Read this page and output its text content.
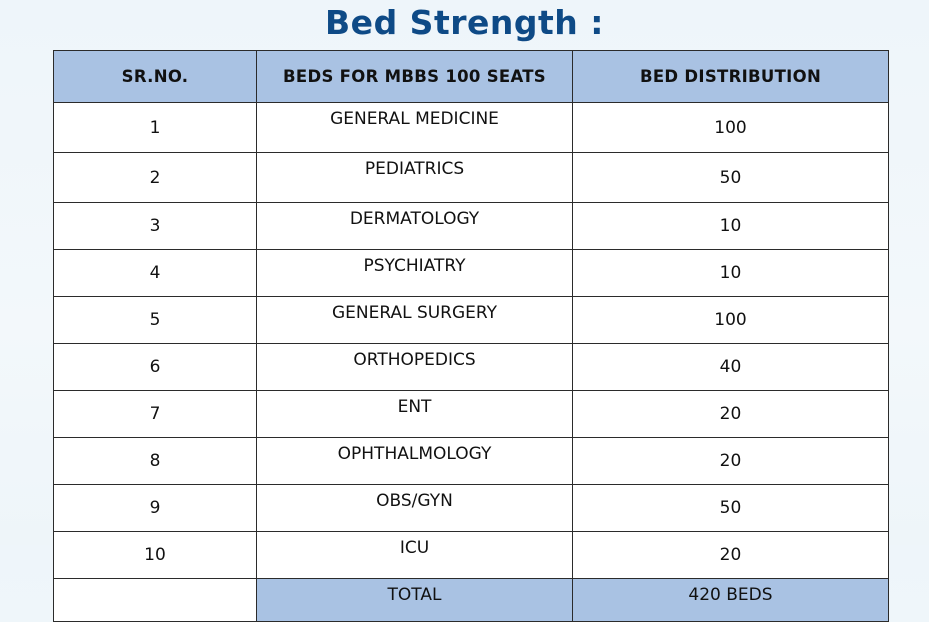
Bed Strength :
SR.NO.	BEDS FOR MBBS 100 SEATS	BED DISTRIBUTION
1	GENERAL MEDICINE	100
2	PEDIATRICS	50
3	DERMATOLOGY	10
4	PSYCHIATRY	10
5	GENERAL SURGERY	100
6	ORTHOPEDICS	40
7	ENT	20
8	OPHTHALMOLOGY	20
9	OBS/GYN	50
10	ICU	20
	TOTAL	420 BEDS
